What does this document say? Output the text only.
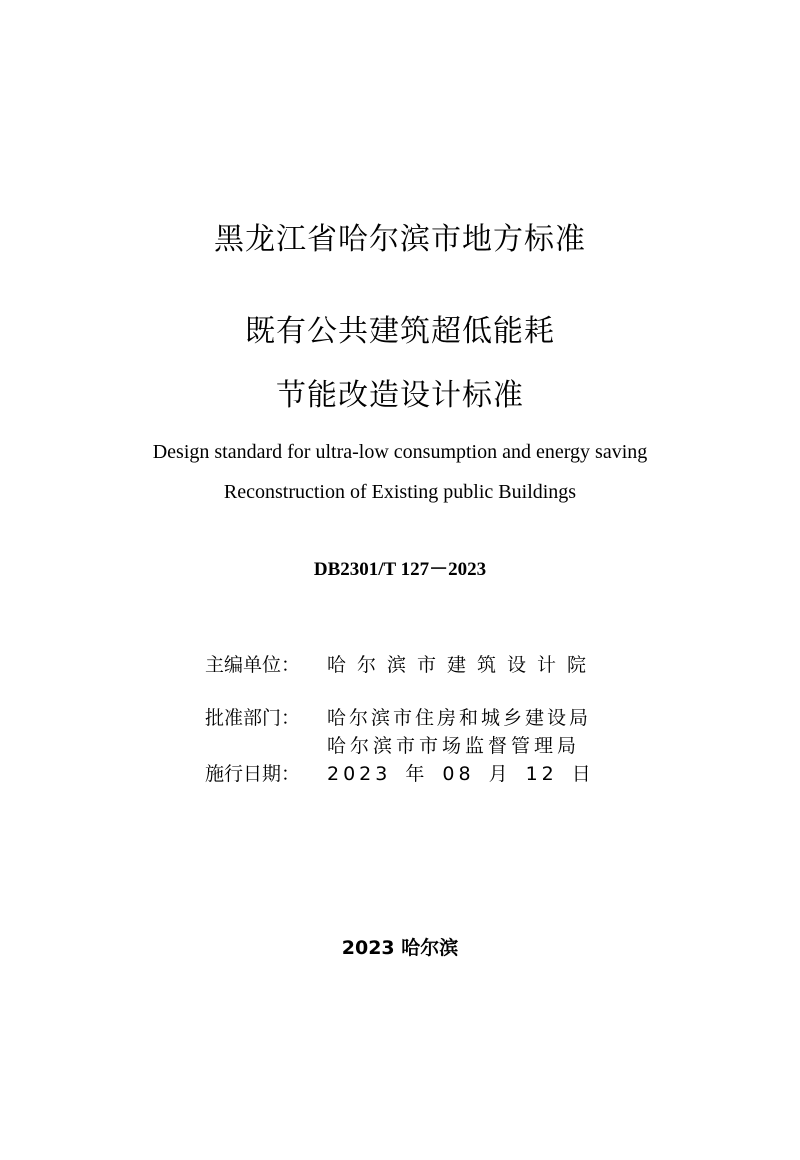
黑龙江省哈尔滨市地方标准
既有公共建筑超低能耗
节能改造设计标准
Design standard for ultra-low consumption and energy saving
Reconstruction of Existing public Buildings
DB2301/T 127－2023
主编单位： 哈尔滨市建筑设计院
批准部门： 哈尔滨市住房和城乡建设局
哈尔滨市市场监督管理局
施行日期： 2023 年 08 月 12 日
2023 哈尔滨
